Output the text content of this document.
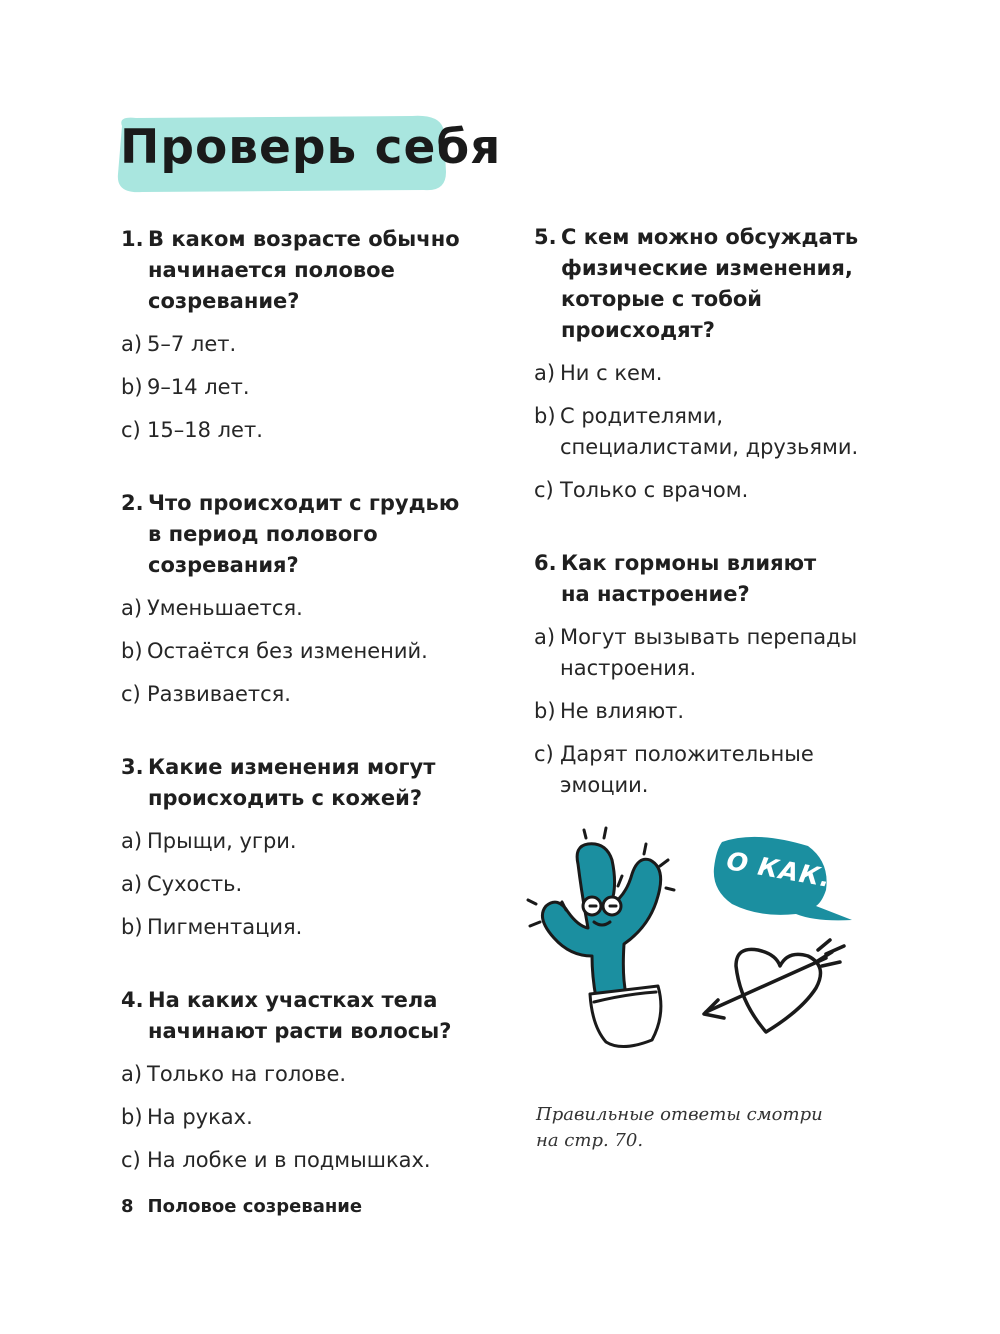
Проверь себя
1. В каком возрасте обычно
начинается половое
созревание?
a) 5–7 лет.
b) 9–14 лет.
c) 15–18 лет.
2. Что происходит с грудью
в период полового
созревания?
a) Уменьшается.
b) Остаётся без изменений.
c) Развивается.
3. Какие изменения могут
происходить с кожей?
a) Прыщи, угри.
a) Сухость.
b) Пигментация.
4. На каких участках тела
начинают расти волосы?
a) Только на голове.
b) На руках.
c) На лобке и в подмышках.
5. С кем можно обсуждать
физические изменения,
которые с тобой
происходят?
a) Ни с кем.
b) С родителями,
специалистами, друзьями.
c) Только с врачом.
6. Как гормоны влияют
на настроение?
a) Могут вызывать перепады
настроения.
b) Не влияют.
c) Дарят положительные
эмоции.
О КАК.
Правильные ответы смотри
на стр. 70.
8 Половое созревание
